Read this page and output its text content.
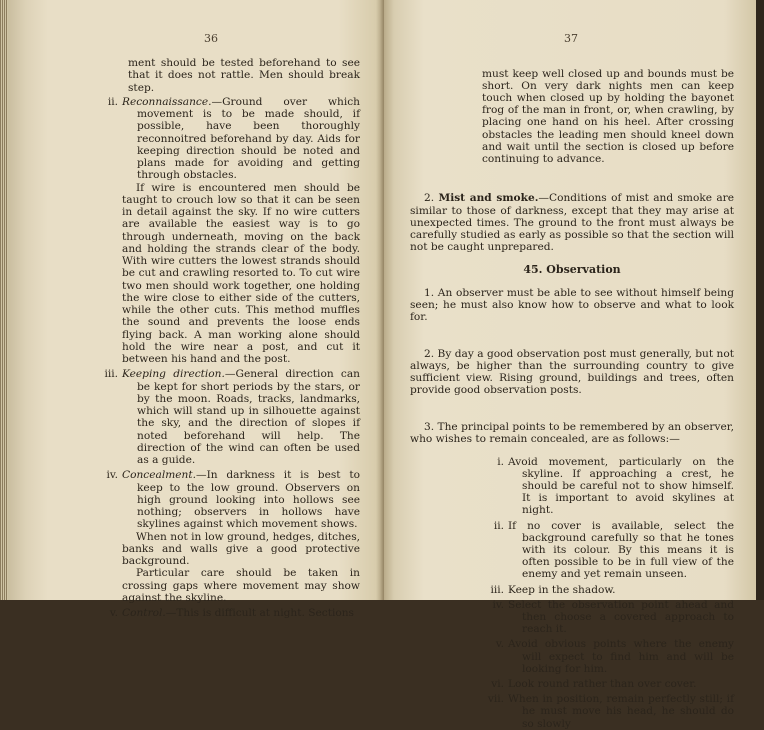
36

ment should be tested beforehand to see that it does not rattle. Men should break step.

ii. Reconnaissance.—Ground over which movement is to be made should, if possible, have been thoroughly reconnoitred beforehand by day. Aids for keeping direction should be noted and plans made for avoiding and getting through obstacles.

If wire is encountered men should be taught to crouch low so that it can be seen in detail against the sky. If no wire cutters are available the easiest way is to go through underneath, moving on the back and holding the strands clear of the body. With wire cutters the lowest strands should be cut and crawling resorted to. To cut wire two men should work together, one holding the wire close to either side of the cutters, while the other cuts. This method muffles the sound and prevents the loose ends flying back. A man working alone should hold the wire near a post, and cut it between his hand and the post.

iii. Keeping direction.—General direction can be kept for short periods by the stars, or by the moon. Roads, tracks, landmarks, which will stand up in silhouette against the sky, and the direction of slopes if noted beforehand will help. The direction of the wind can often be used as a guide.

iv. Concealment.—In darkness it is best to keep to the low ground. Observers on high ground looking into hollows see nothing; observers in hollows have skylines against which movement shows.

When not in low ground, hedges, ditches, banks and walls give a good protective background.

Particular care should be taken in crossing gaps where movement may show against the skyline.

v. Control.—This is difficult at night. Sections

37

must keep well closed up and bounds must be short. On very dark nights men can keep touch when closed up by holding the bayonet frog of the man in front, or, when crawling, by placing one hand on his heel. After crossing obstacles the leading men should kneel down and wait until the section is closed up before continuing to advance.

2. Mist and smoke.—Conditions of mist and smoke are similar to those of darkness, except that they may arise at unexpected times. The ground to the front must always be carefully studied as early as possible so that the section will not be caught unprepared.

45. Observation

1. An observer must be able to see without himself being seen; he must also know how to observe and what to look for.

2. By day a good observation post must generally, but not always, be higher than the surrounding country to give sufficient view. Rising ground, buildings and trees, often provide good observation posts.

3. The principal points to be remembered by an observer, who wishes to remain concealed, are as follows:—

i. Avoid movement, particularly on the skyline. If approaching a crest, he should be careful not to show himself. It is important to avoid skylines at night.

ii. If no cover is available, select the background carefully so that he tones with its colour. By this means it is often possible to be in full view of the enemy and yet remain unseen.

iii. Keep in the shadow.

iv. Select the observation point ahead and then choose a covered approach to reach it.

v. Avoid obvious points where the enemy will expect to find him and will be looking for him.

vi. Look round rather than over cover.

vii. When in position, remain perfectly still; if he must move his head, he should do so slowly
